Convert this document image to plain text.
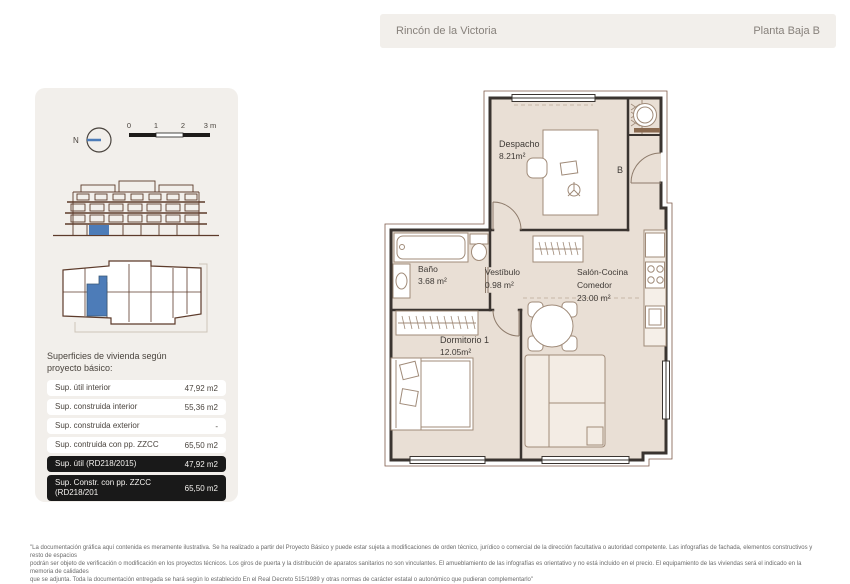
Rincón de la Victoria	Planta Baja B
N
0	1	2 3 m
Superficies de vivienda según
proyecto básico:
Sup. útil interior	47,92 m2
Sup. construida interior	55,36 m2
Sup. construida exterior	-
Sup. contruida con pp. ZZCC	65,50 m2
Sup. útil (RD218/2015)	47,92 m2
Sup. Constr. con pp. ZZCC (RD218/201	65,50 m2
Despacho
8.21m²
Baño
3.68 m²
Vestíbulo
0.98 m²
Salón-Cocina
Comedor
23.00 m²
Dormitorio 1
12.05m²
B
"La documentación gráfica aquí contenida es meramente ilustrativa. Se ha realizado a partir del Proyecto Básico y puede estar sujeta a modificaciones de orden técnico, jurídico o comercial de la dirección facultativa o autoridad competente. Las infografías de fachada, elementos constructivos y resto de espacios
podrán ser objeto de verificación o modificación en los proyectos técnicos. Los giros de puerta y la distribución de aparatos sanitarios no son vinculantes. El amueblamiento de las infografías es orientativo y no está incluido en el precio. El equipamiento de las viviendas será el indicado en la memoria de calidades
que se adjunta. Toda la documentación entregada se hará según lo establecido En el Real Decreto 515/1989 y otras normas de carácter estatal o autonómico que pudieran complementarlo"
